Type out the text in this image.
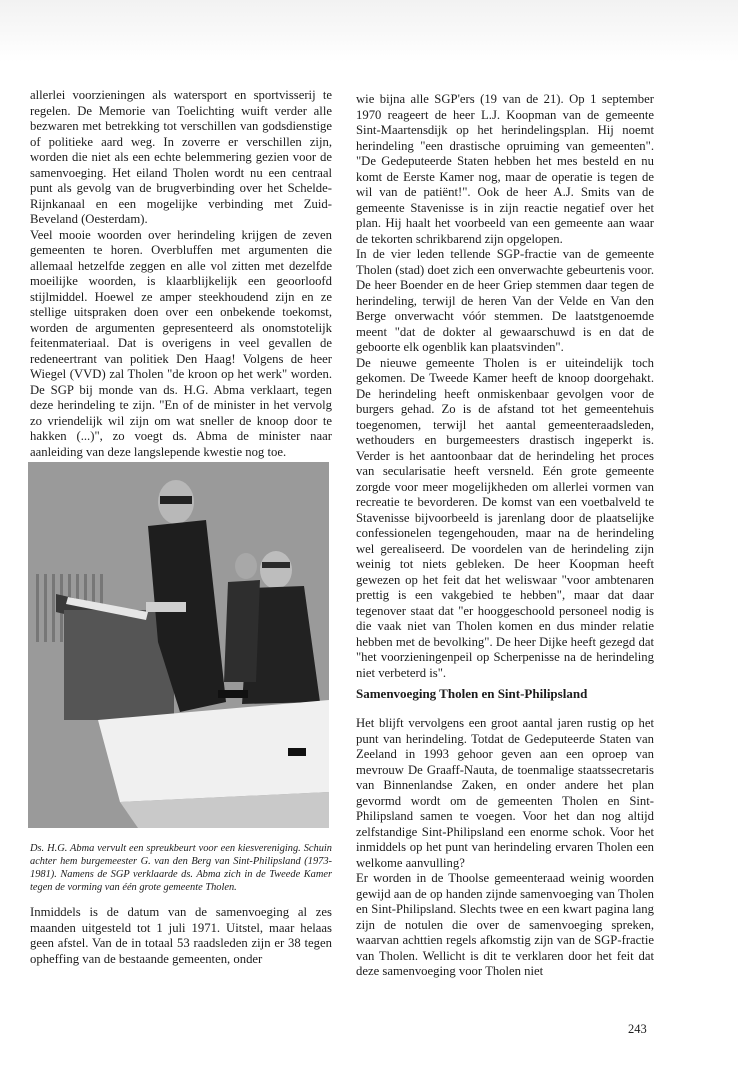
allerlei voorzieningen als watersport en sportvisserij te regelen. De Memorie van Toelichting wuift verder alle bezwaren met betrekking tot verschillen van godsdienstige of politieke aard weg. In zoverre er verschillen zijn, worden die niet als een echte belemmering gezien voor de samenvoeging. Het eiland Tholen wordt nu een centraal punt als gevolg van de brugverbinding over het Schelde-Rijnkanaal en een mogelijke verbinding met Zuid-Beveland (Oesterdam).

Veel mooie woorden over herindeling krijgen de zeven gemeenten te horen. Overbluffen met argumenten die allemaal hetzelfde zeggen en alle vol zitten met dezelfde moeilijke woorden, is klaarblijkelijk een geoorloofd stijlmiddel. Hoewel ze amper steekhoudend zijn en ze stellige uitspraken doen over een onbekende toekomst, worden de argumenten gepresenteerd als onomstotelijk feitenmateriaal. Dat is overigens in veel gevallen de redeneertrant van politiek Den Haag! Volgens de heer Wiegel (VVD) zal Tholen "de kroon op het werk" worden. De SGP bij monde van ds. H.G. Abma verklaart, tegen deze herindeling te zijn. "En of de minister in het vervolg zo vriendelijk wil zijn om wat sneller de knoop door te hakken (...)", zo voegt ds. Abma de minister naar aanleiding van deze langslepende kwestie nog toe.

Ds. H.G. Abma vervult een spreukbeurt voor een kiesvereniging. Schuin achter hem burgemeester G. van den Berg van Sint-Philipsland (1973-1981). Namens de SGP verklaarde ds. Abma zich in de Tweede Kamer tegen de vorming van één grote gemeente Tholen.

Inmiddels is de datum van de samenvoeging al zes maanden uitgesteld tot 1 juli 1971. Uitstel, maar helaas geen afstel. Van de in totaal 53 raadsleden zijn er 38 tegen opheffing van de bestaande gemeenten, onder

wie bijna alle SGP'ers (19 van de 21). Op 1 september 1970 reageert de heer L.J. Koopman van de gemeente Sint-Maartensdijk op het herindelingsplan. Hij noemt herindeling "een drastische opruiming van gemeenten". "De Gedeputeerde Staten hebben het mes besteld en nu komt de Eerste Kamer nog, maar de operatie is tegen de wil van de patiënt!". Ook de heer A.J. Smits van de gemeente Stavenisse is in zijn reactie negatief over het plan. Hij haalt het voorbeeld van een gemeente aan waar de tekorten schrikbarend zijn opgelopen.

In de vier leden tellende SGP-fractie van de gemeente Tholen (stad) doet zich een onverwachte gebeurtenis voor. De heer Boender en de heer Griep stemmen daar tegen de herindeling, terwijl de heren Van der Velde en Van den Berge onverwacht vóór stemmen. De laatstgenoemde meent "dat de dokter al gewaarschuwd is en dat de geboorte elk ogenblik kan plaatsvinden".

De nieuwe gemeente Tholen is er uiteindelijk toch gekomen. De Tweede Kamer heeft de knoop doorgehakt. De herindeling heeft onmiskenbaar gevolgen voor de burgers gehad. Zo is de afstand tot het gemeentehuis toegenomen, terwijl het aantal gemeenteraadsleden, wethouders en burgemeesters drastisch ingeperkt is. Verder is het aantoonbaar dat de herindeling het proces van secularisatie heeft versneld. Eén grote gemeente zorgde voor meer mogelijkheden om allerlei vormen van recreatie te bevorderen. De komst van een voetbalveld te Stavenisse bijvoorbeeld is jarenlang door de plaatselijke confessionelen tegengehouden, maar na de herindeling wel gerealiseerd. De voordelen van de herindeling zijn weinig tot niets gebleken. De heer Koopman heeft gewezen op het feit dat het weliswaar "voor ambtenaren prettig is een vakgebied te hebben", maar dat daar tegenover staat dat "er hooggeschoold personeel nodig is die vaak niet van Tholen komen en dus minder relatie hebben met de bevolking". De heer Dijke heeft gezegd dat "het voorzieningenpeil op Scherpenisse na de herindeling niet verbeterd is".

Samenvoeging Tholen en Sint-Philipsland

Het blijft vervolgens een groot aantal jaren rustig op het punt van herindeling. Totdat de Gedeputeerde Staten van Zeeland in 1993 gehoor geven aan een oproep van mevrouw De Graaff-Nauta, de toenmalige staatssecretaris van Binnenlandse Zaken, en onder andere het plan gevormd wordt om de gemeenten Tholen en Sint-Philipsland samen te voegen. Voor het dan nog altijd zelfstandige Sint-Philipsland een enorme schok. Voor het inmiddels op het punt van herindeling ervaren Tholen een welkome aanvulling?

Er worden in de Thoolse gemeenteraad weinig woorden gewijd aan de op handen zijnde samenvoeging van Tholen en Sint-Philipsland. Slechts twee en een kwart pagina lang zijn de notulen die over de samenvoeging spreken, waarvan achttien regels afkomstig zijn van de SGP-fractie van Tholen. Wellicht is dit te verklaren door het feit dat deze samenvoeging voor Tholen niet

243
